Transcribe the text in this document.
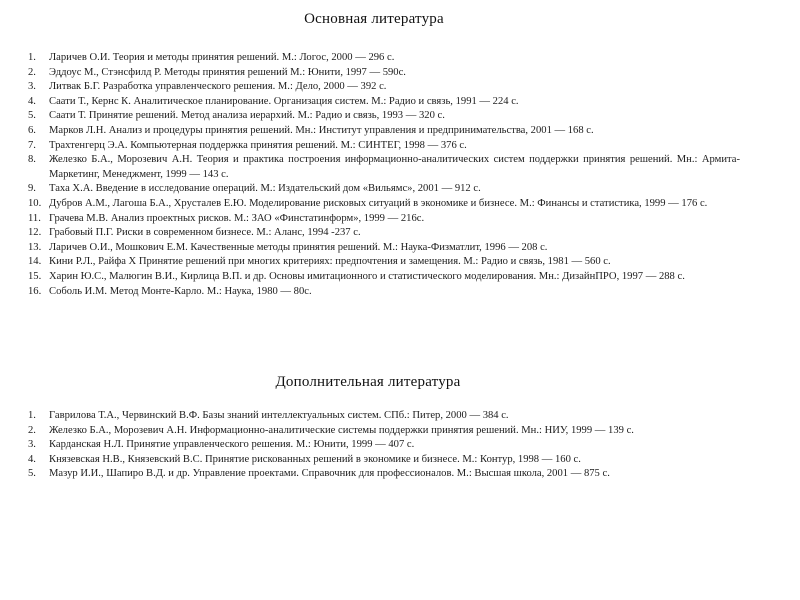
Основная литература
1.	Ларичев О.И. Теория и методы принятия решений. М.: Логос, 2000 — 296 с.
2.	Эддоус М., Стэнсфилд Р. Методы принятия решений М.: Юнити, 1997 — 590с.
3.	Литвак Б.Г. Разработка управленческого решения. М.: Дело, 2000 — 392 с.
4.	Саати Т., Кернс К. Аналитическое планирование. Организация систем. М.: Радио и связь, 1991 — 224 с.
5.	Саати Т. Принятие решений. Метод анализа иерархий. М.: Радио и связь, 1993 — 320 с.
6.	Марков Л.Н. Анализ и процедуры принятия решений. Мн.: Институт управления и предпринимательства, 2001 — 168 с.
7.	Трахтенгерц Э.А. Компьютерная поддержка принятия решений. М.: СИНТЕГ, 1998 — 376 с.
8.	Железко Б.А., Морозевич А.Н. Теория и практика построения информационно-аналитических систем поддержки принятия решений. Мн.: Армита-Маркетинг, Менеджмент, 1999 — 143 с.
9.	Таха Х.А. Введение в исследование операций. М.: Издательский дом «Вильямс», 2001 — 912 с.
10. Дубров А.М., Лагоша Б.А., Хрусталев Е.Ю. Моделирование рисковых ситуаций в экономике и бизнесе. М.: Финансы и статистика, 1999 — 176 с.
11. Грачева М.В. Анализ проектных рисков. М.: ЗАО «Финстатинформ», 1999 — 216с.
12. Грабовый П.Г. Риски в современном бизнесе. М.: Аланс, 1994 -237 с.
13. Ларичев О.И., Мошкович Е.М. Качественные методы принятия решений. М.: Наука-Физматлит, 1996 — 208 с.
14. Кини Р.Л., Райфа Х Принятие решений при многих критериях: предпочтения и замещения. М.: Радио и связь, 1981 — 560 с.
15. Харин Ю.С., Малюгин В.И., Кирлица В.П. и др. Основы имитационного и статистического моделирования. Мн.: ДизайнПРО, 1997 — 288 с.
16. Соболь И.М. Метод Монте-Карло. М.: Наука, 1980 — 80с.
Дополнительная литература
1.	Гаврилова Т.А., Червинский В.Ф. Базы знаний интеллектуальных систем. СПб.: Питер, 2000 — 384 с.
2.	Железко Б.А., Морозевич А.Н. Информационно-аналитические системы поддержки принятия решений. Мн.: НИУ, 1999 — 139 с.
3.	Карданская Н.Л. Принятие управленческого решения. М.: Юнити, 1999 — 407 с.
4.	Князевская Н.В., Князевский В.С. Принятие рискованных решений в экономике и бизнесе. М.: Контур, 1998 — 160 с.
5.	Мазур И.И., Шапиро В.Д. и др. Управление проектами. Справочник для профессионалов. М.: Высшая школа, 2001 — 875 с.
